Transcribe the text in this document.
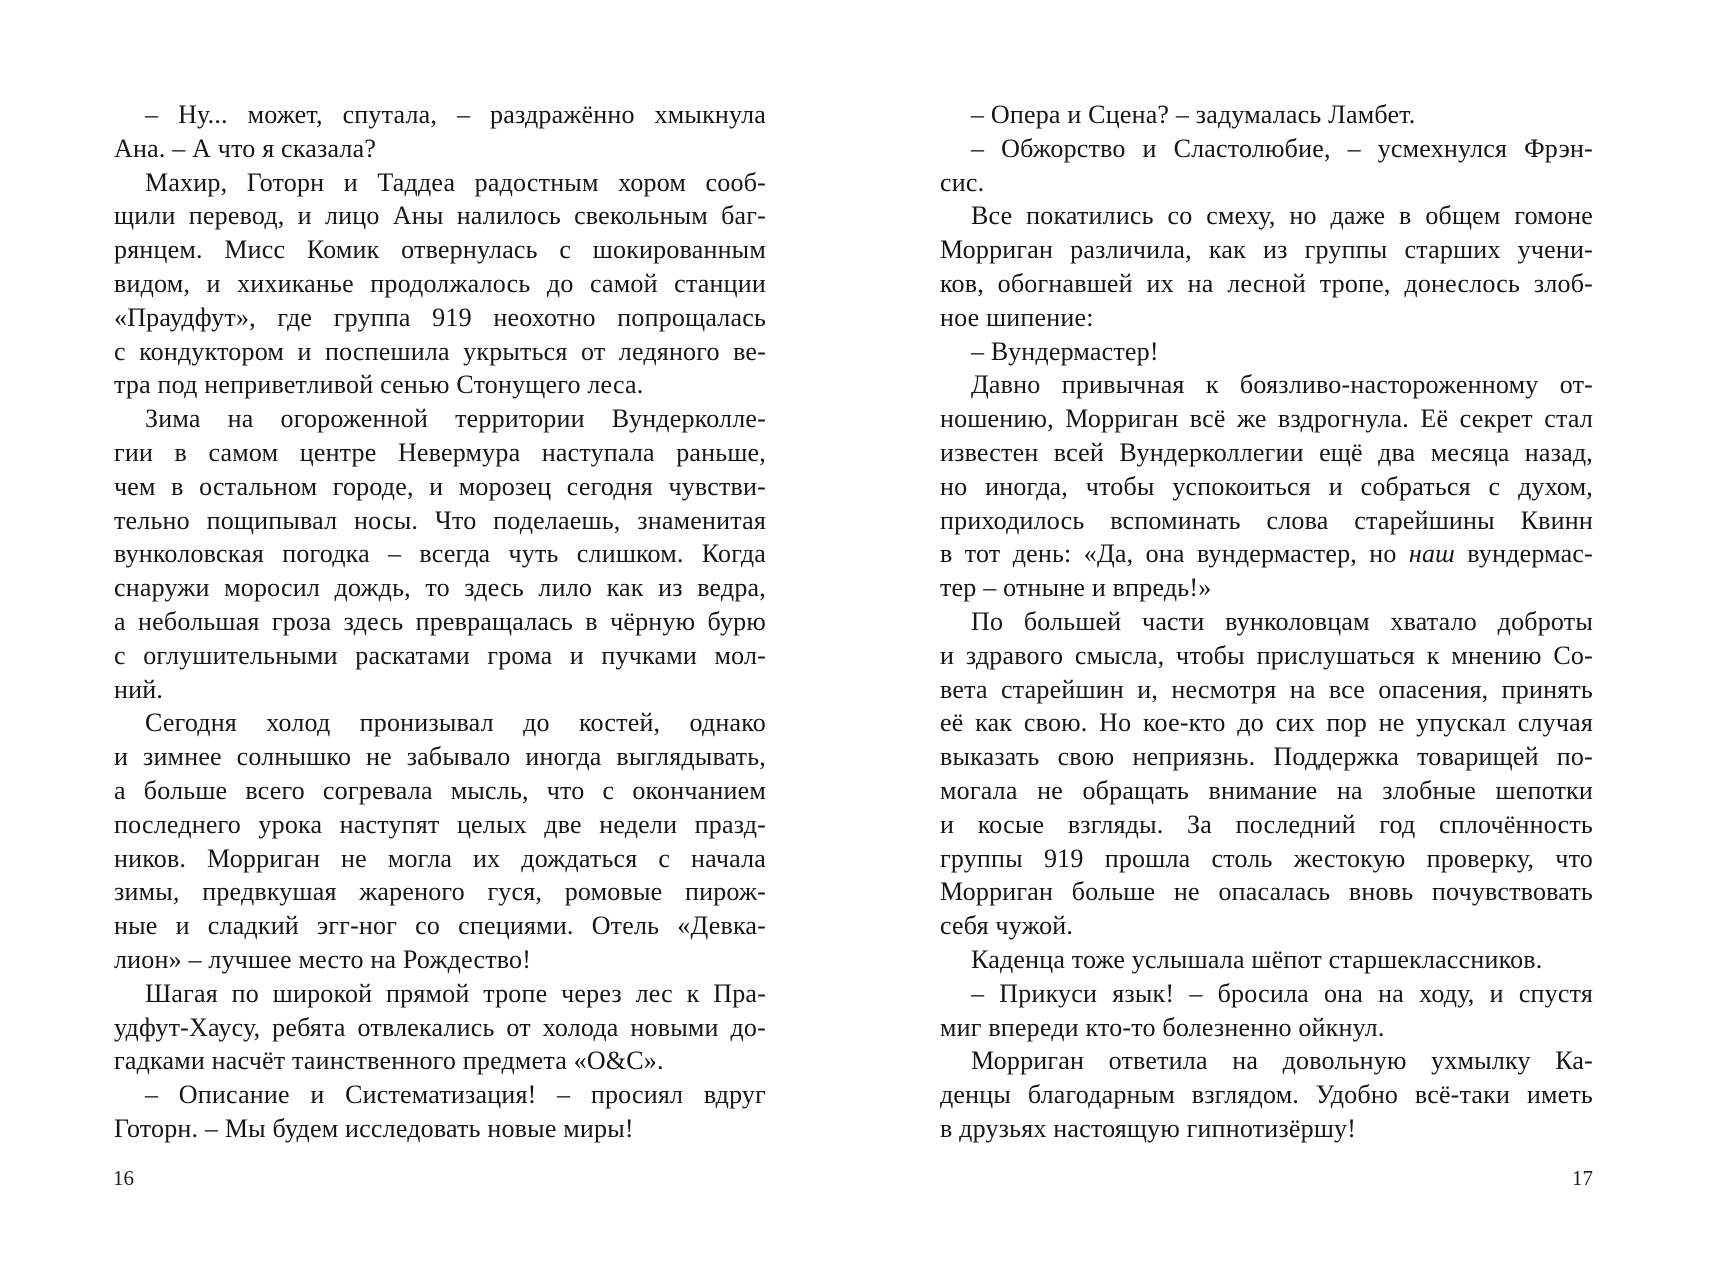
– Ну... может, спутала, – раздражённо хмыкнула
Ана. – А что я сказала?
Махир, Готорн и Таддеа радостным хором сооб-
щили перевод, и лицо Аны налилось свекольным баг-
рянцем. Мисс Комик отвернулась с шокированным
видом, и хихиканье продолжалось до самой станции
«Праудфут», где группа 919 неохотно попрощалась
с кондуктором и поспешила укрыться от ледяного ве-
тра под неприветливой сенью Стонущего леса.
Зима на огороженной территории Вундерколле-
гии в самом центре Невермура наступала раньше,
чем в остальном городе, и морозец сегодня чувстви-
тельно пощипывал носы. Что поделаешь, знаменитая
вунколовская погодка – всегда чуть слишком. Когда
снаружи моросил дождь, то здесь лило как из ведра,
а небольшая гроза здесь превращалась в чёрную бурю
с оглушительными раскатами грома и пучками мол-
ний.
Сегодня холод пронизывал до костей, однако
и зимнее солнышко не забывало иногда выглядывать,
а больше всего согревала мысль, что с окончанием
последнего урока наступят целых две недели празд-
ников. Морриган не могла их дождаться с начала
зимы, предвкушая жареного гуся, ромовые пирож-
ные и сладкий эгг-ног со специями. Отель «Девка-
лион» – лучшее место на Рождество!
Шагая по широкой прямой тропе через лес к Пра-
удфут-Хаусу, ребята отвлекались от холода новыми до-
гадками насчёт таинственного предмета «О&С».
– Описание и Систематизация! – просиял вдруг
Готорн. – Мы будем исследовать новые миры!
16
– Опера и Сцена? – задумалась Ламбет.
– Обжорство и Сластолюбие, – усмехнулся Фрэн-
сис.
Все покатились со смеху, но даже в общем гомоне
Морриган различила, как из группы старших учени-
ков, обогнавшей их на лесной тропе, донеслось злоб-
ное шипение:
– Вундермастер!
Давно привычная к боязливо-настороженному от-
ношению, Морриган всё же вздрогнула. Её секрет стал
известен всей Вундерколлегии ещё два месяца назад,
но иногда, чтобы успокоиться и собраться с духом,
приходилось вспоминать слова старейшины Квинн
в тот день: «Да, она вундермастер, но наш вундермас-
тер – отныне и впредь!»
По большей части вунколовцам хватало доброты
и здравого смысла, чтобы прислушаться к мнению Со-
вета старейшин и, несмотря на все опасения, принять
её как свою. Но кое-кто до сих пор не упускал случая
выказать свою неприязнь. Поддержка товарищей по-
могала не обращать внимание на злобные шепотки
и косые взгляды. За последний год сплочённость
группы 919 прошла столь жестокую проверку, что
Морриган больше не опасалась вновь почувствовать
себя чужой.
Каденца тоже услышала шёпот старшеклассников.
– Прикуси язык! – бросила она на ходу, и спустя
миг впереди кто-то болезненно ойкнул.
Морриган ответила на довольную ухмылку Ка-
денцы благодарным взглядом. Удобно всё-таки иметь
в друзьях настоящую гипнотизёршу!
17
